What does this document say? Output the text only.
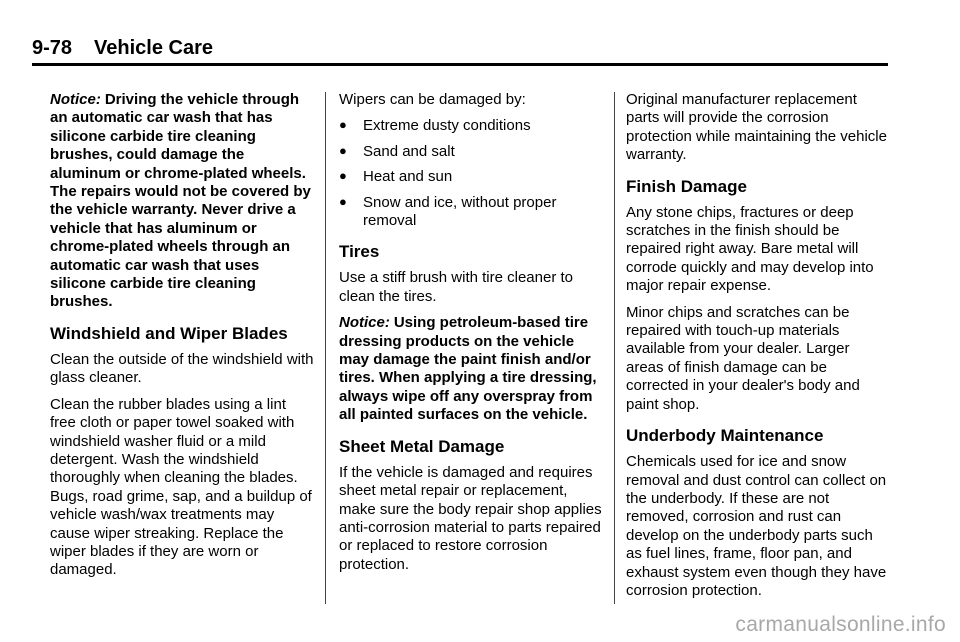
9-78 Vehicle Care

Notice: Driving the vehicle through an automatic car wash that has silicone carbide tire cleaning brushes, could damage the aluminum or chrome-plated wheels. The repairs would not be covered by the vehicle warranty. Never drive a vehicle that has aluminum or chrome-plated wheels through an automatic car wash that uses silicone carbide tire cleaning brushes.

Windshield and Wiper Blades

Clean the outside of the windshield with glass cleaner.

Clean the rubber blades using a lint free cloth or paper towel soaked with windshield washer fluid or a mild detergent. Wash the windshield thoroughly when cleaning the blades. Bugs, road grime, sap, and a buildup of vehicle wash/wax treatments may cause wiper streaking. Replace the wiper blades if they are worn or damaged.

Wipers can be damaged by:

● Extreme dusty conditions
● Sand and salt
● Heat and sun
● Snow and ice, without proper removal
Tires

Use a stiff brush with tire cleaner to clean the tires.

Notice: Using petroleum-based tire dressing products on the vehicle may damage the paint finish and/or tires. When applying a tire dressing, always wipe off any overspray from all painted surfaces on the vehicle.

Sheet Metal Damage

If the vehicle is damaged and requires sheet metal repair or replacement, make sure the body repair shop applies anti-corrosion material to parts repaired or replaced to restore corrosion protection.

Original manufacturer replacement parts will provide the corrosion protection while maintaining the vehicle warranty.

Finish Damage

Any stone chips, fractures or deep scratches in the finish should be repaired right away. Bare metal will corrode quickly and may develop into major repair expense.

Minor chips and scratches can be repaired with touch-up materials available from your dealer. Larger areas of finish damage can be corrected in your dealer's body and paint shop.

Underbody Maintenance

Chemicals used for ice and snow removal and dust control can collect on the underbody. If these are not removed, corrosion and rust can develop on the underbody parts such as fuel lines, frame, floor pan, and exhaust system even though they have corrosion protection.

carmanualsonline.info
